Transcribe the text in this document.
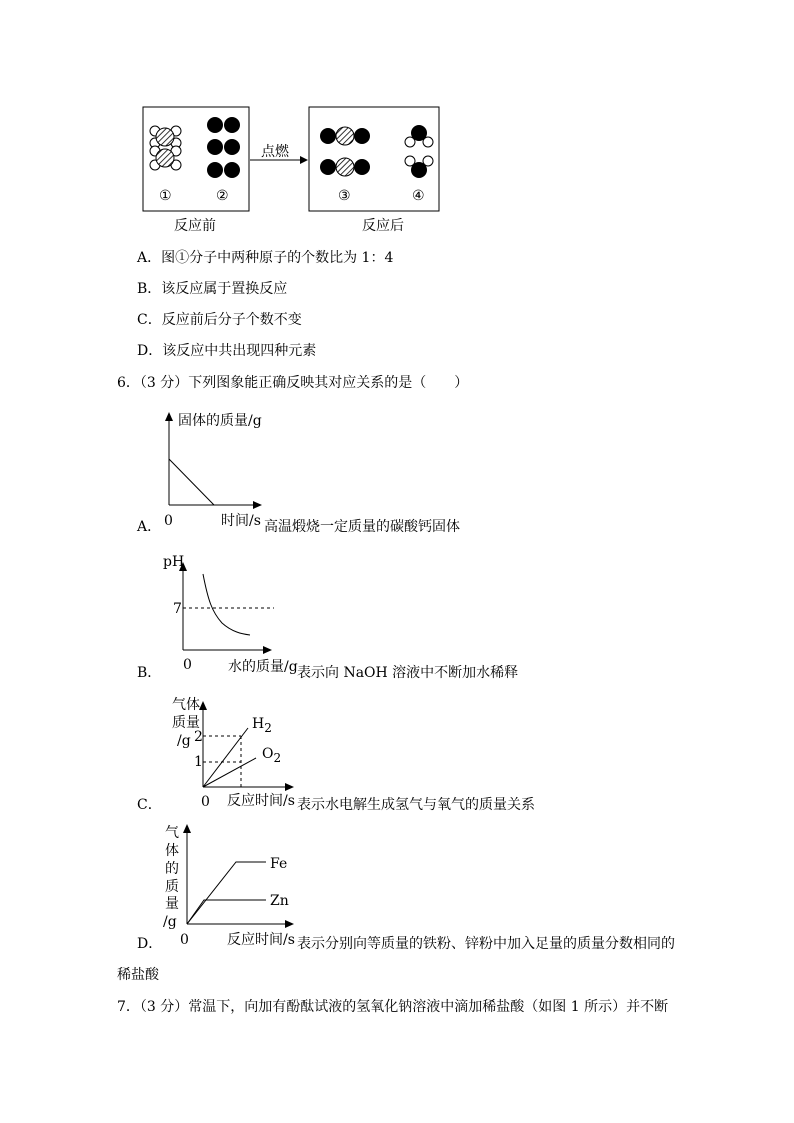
点燃
①	②	③	④
反应前	反应后
A．图①分子中两种原子的个数比为 1：4
B．该反应属于置换反应
C．反应前后分子个数不变
D．该反应中共出现四种元素
6．（3 分）下列图象能正确反映其对应关系的是（　　）
固体的质量/g
0	时间/s
A．	高温煅烧一定质量的碳酸钙固体
pH
7
0	水的质量/g
B．	表示向 NaOH 溶液中不断加水稀释
气体
质量
/g 2
1
$H_2$
$O_2$
0 反应时间/s
C．	表示水电解生成氢气与氧气的质量关系
气
体
的
质
量
/g
Fe
Zn
0	反应时间/s
D．	表示分别向等质量的铁粉、锌粉中加入足量的质量分数相同的
稀盐酸
7．（3 分）常温下，向加有酚酞试液的氢氧化钠溶液中滴加稀盐酸（如图 1 所示）并不断
